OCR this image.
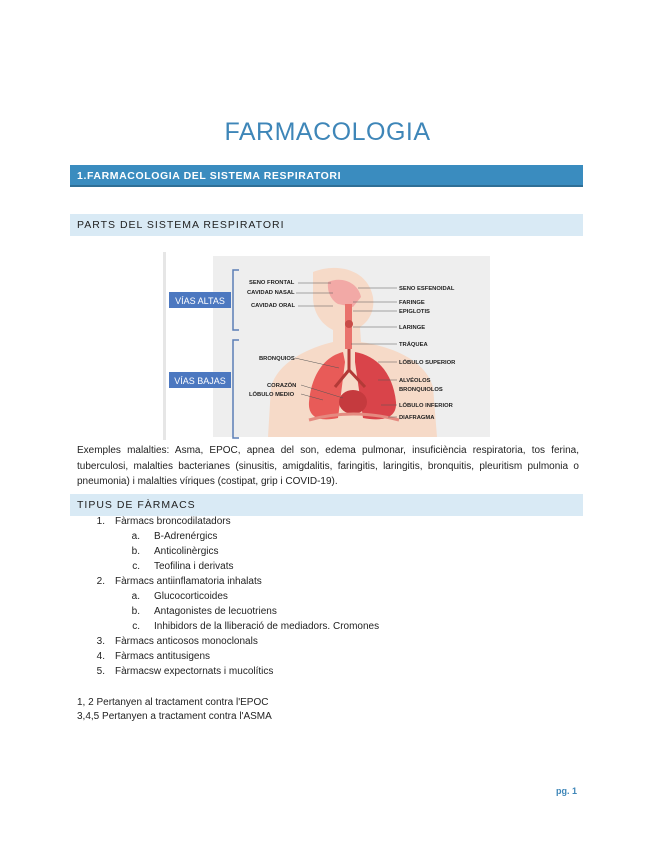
FARMACOLOGIA
1.FARMACOLOGIA DEL SISTEMA RESPIRATORI
PARTS DEL SISTEMA RESPIRATORI
VÍAS ALTAS
VÍAS BAJAS
SENO FRONTAL
CAVIDAD NASAL
CAVIDAD ORAL
BRONQUIOS
CORAZÓN
LÓBULO MEDIO
SENO ESFENOIDAL
FARINGE
EPIGLOTIS
LARINGE
TRÁQUEA
LÓBULO SUPERIOR
ALVÉOLOS
BRONQUIOLOS
LÓBULO INFERIOR
DIAFRAGMA
Exemples malalties: Asma, EPOC, apnea del son, edema pulmonar, insuficiència respiratoria, tos ferina, tuberculosi, malalties bacterianes (sinusitis, amigdalitis, faringitis, laringitis, bronquitis, pleuritism pulmonia o pneumonia) i malalties víriques (costipat, grip i COVID-19).
TIPUS DE FÀRMACS
1. Fàrmacs broncodilatadors
a. B-Adrenérgics
b. Anticolinèrgics
c. Teofilina i derivats
2. Fàrmacs antiinflamatoria inhalats
a. Glucocorticoides
b. Antagonistes de lecuotriens
c. Inhibidors de la lliberació de mediadors. Cromones
3. Fàrmacs anticosos monoclonals
4. Fàrmacs antitusigens
5. Fàrmacsw expectornats i mucolítics
1, 2 Pertanyen al tractament contra l'EPOC
3,4,5 Pertanyen a tractament contra l'ASMA
pg. 1
